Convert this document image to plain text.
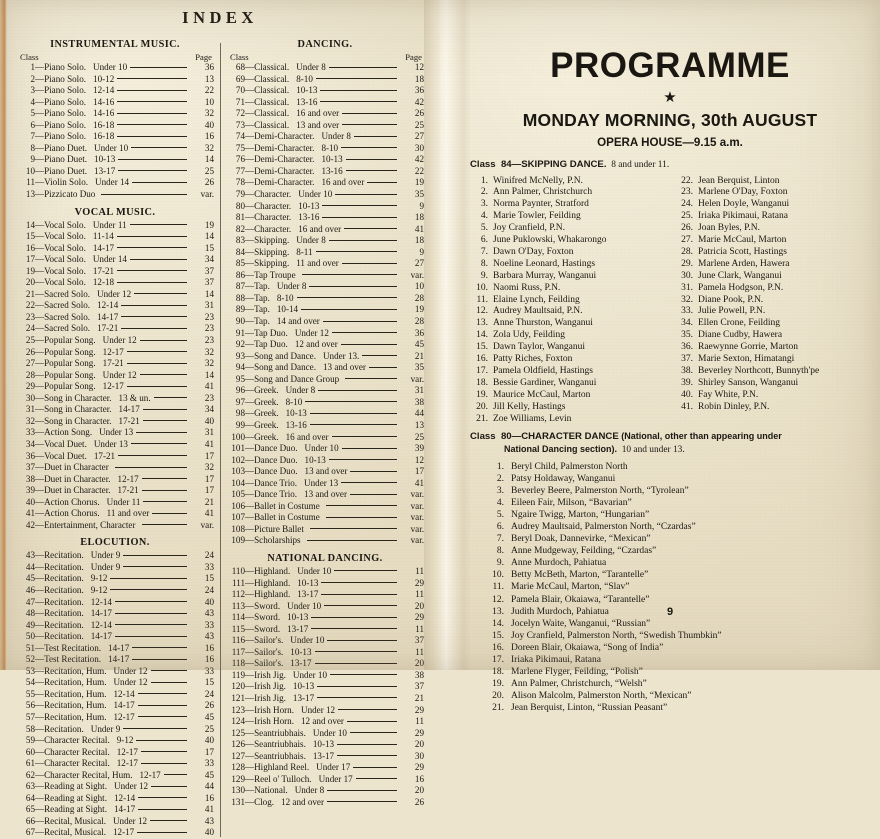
INDEX
INSTRUMENTAL MUSIC.
Class	Page
1 — Piano Solo. Under 10	36
2 — Piano Solo. 10-12	13
3 — Piano Solo. 12-14	22
4 — Piano Solo. 14-16	10
5 — Piano Solo. 14-16	32
6 — Piano Solo. 16-18	40
7 — Piano Solo. 16-18	16
8 — Piano Duet. Under 10	32
9 — Piano Duet. 10-13	14
10 — Piano Duet. 13-17	25
11 — Violin Solo. Under 14	26
13 — Pizzicato Duo	var.
VOCAL MUSIC.
14 — Vocal Solo. Under 11	19
15 — Vocal Solo. 11-14	14
16 — Vocal Solo. 14-17	15
17 — Vocal Solo. Under 14	34
19 — Vocal Solo. 17-21	37
20 — Vocal Solo. 12-18	37
21 — Sacred Solo. Under 12	14
22 — Sacred Solo. 12-14	31
23 — Sacred Solo. 14-17	23
24 — Sacred Solo. 17-21	23
25 — Popular Song. Under 12	23
26 — Popular Song. 12-17	32
27 — Popular Song. 17-21	32
28 — Popular Song. Under 12	14
29 — Popular Song. 12-17	41
30 — Song in Character. 13 & un.	23
31 — Song in Character. 14-17	34
32 — Song in Character. 17-21	40
33 — Action Song. Under 13	31
34 — Vocal Duet. Under 13	41
36 — Vocal Duet. 17-21	17
37 — Duet in Character	32
38 — Duet in Character. 12-17	17
39 — Duet in Character. 17-21	17
40 — Action Chorus. Under 11	21
41 — Action Chorus. 11 and over	41
42 — Entertainment, Character	var.
ELOCUTION.
43 — Recitation. Under 9	24
44 — Recitation. Under 9	33
45 — Recitation. 9-12	15
46 — Recitation. 9-12	24
47 — Recitation. 12-14	40
48 — Recitation. 14-17	43
49 — Recitation. 12-14	33
50 — Recitation. 14-17	43
51 — Test Recitation. 14-17	16
52 — Test Recitation. 14-17	16
53 — Recitation, Hum. Under 12	33
54 — Recitation, Hum. Under 12	15
55 — Recitation, Hum. 12-14	24
56 — Recitation, Hum. 14-17	26
57 — Recitation, Hum. 12-17	45
58 — Recitation. Under 9	25
59 — Character Recital. 9-12	40
60 — Character Recital. 12-17	17
61 — Character Recital. 12-17	33
62 — Character Recital, Hum. 12-17	45
63 — Reading at Sight. Under 12	44
64 — Reading at Sight. 12-14	16
65 — Reading at Sight. 14-17	41
66 — Recital, Musical. Under 12	43
67 — Recital, Musical. 12-17	40
DANCING.
Class	Page
68 — Classical. Under 8	12
69 — Classical. 8-10	18
70 — Classical. 10-13	36
71 — Classical. 13-16	42
72 — Classical. 16 and over	26
73 — Classical. 13 and over	25
74 — Demi-Character. Under 8	27
75 — Demi-Character. 8-10	30
76 — Demi-Character. 10-13	42
77 — Demi-Character. 13-16	22
78 — Demi-Character. 16 and over	19
79 — Character. Under 10	35
80 — Character. 10-13	9
81 — Character. 13-16	18
82 — Character. 16 and over	41
83 — Skipping. Under 8	18
84 — Skipping. 8-11	9
85 — Skipping. 11 and over	27
86 — Tap Troupe	var.
87 — Tap. Under 8	10
88 — Tap. 8-10	28
89 — Tap. 10-14	19
90 — Tap. 14 and over	28
91 — Tap Duo. Under 12	36
92 — Tap Duo. 12 and over	45
93 — Song and Dance. Under 13.	21
94 — Song and Dance. 13 and over	35
95 — Song and Dance Group	var.
96 — Greek. Under 8	31
97 — Greek. 8-10	38
98 — Greek. 10-13	44
99 — Greek. 13-16	13
100 — Greek. 16 and over	25
101 — Dance Duo. Under 10	39
102 — Dance Duo. 10-13	12
103 — Dance Duo. 13 and over	17
104 — Dance Trio. Under 13	41
105 — Dance Trio. 13 and over	var.
106 — Ballet in Costume	var.
107 — Ballet in Costume	var.
108 — Picture Ballet	var.
109 — Scholarships	var.
NATIONAL DANCING.
110 — Highland. Under 10	11
111 — Highland. 10-13	29
112 — Highland. 13-17	11
113 — Sword. Under 10	20
114 — Sword. 10-13	29
115 — Sword. 13-17	11
116 — Sailor's. Under 10	37
117 — Sailor's. 10-13	11
118 — Sailor's. 13-17	20
119 — Irish Jig. Under 10	38
120 — Irish Jig. 10-13	37
121 — Irish Jig. 13-17	21
123 — Irish Horn. Under 12	29
124 — Irish Horn. 12 and over	11
125 — Seantriubhais. Under 10	29
126 — Seantriubhais. 10-13	20
127 — Seantriubhais. 13-17	30
128 — Highland Reel. Under 17	29
129 — Reel o' Tulloch. Under 17	16
130 — National. Under 8	20
131 — Clog. 12 and over	26
PROGRAMME
★
MONDAY MORNING, 30th AUGUST
OPERA HOUSE—9.15 a.m.
Class  84—SKIPPING DANCE.  8 and under 11.
1. Winifred McNelly, P.N.
2. Ann Palmer, Christchurch
3. Norma Paynter, Stratford
4. Marie Towler, Feilding
5. Joy Cranfield, P.N.
6. June Puklowski, Whakarongo
7. Dawn O'Day, Foxton
8. Noeline Leonard, Hastings
9. Barbara Murray, Wanganui
10. Naomi Russ, P.N.
11. Elaine Lynch, Feilding
12. Audrey Maultsaid, P.N.
13. Anne Thurston, Wanganui
14. Zola Udy, Feilding
15. Dawn Taylor, Wanganui
16. Patty Riches, Foxton
17. Pamela Oldfield, Hastings
18. Bessie Gardiner, Wanganui
19. Maurice McCaul, Marton
20. Jill Kelly, Hastings
21. Zoe Williams, Levin
22. Jean Berquist, Linton
23. Marlene O'Day, Foxton
24. Helen Doyle, Wanganui
25. Iriaka Pikimaui, Ratana
26. Joan Byles, P.N.
27. Marie McCaul, Marton
28. Patricia Scott, Hastings
29. Marlene Arden, Hawera
30. June Clark, Wanganui
31. Pamela Hodgson, P.N.
32. Diane Pook, P.N.
33. Julie Powell, P.N.
34. Ellen Crone, Feilding
35. Diane Cudby, Hawera
36. Raewynne Gorrie, Marton
37. Marie Sexton, Himatangi
38. Beverley Northcott, Bunnyth'pe
39. Shirley Sanson, Wanganui
40. Fay White, P.N.
41. Robin Dinley, P.N.
Class  80—CHARACTER DANCE (National, other than appearing under
National Dancing section).  10 and under 13.
1. Beryl Child, Palmerston North
2. Patsy Holdaway, Wanganui
3. Beverley Beere, Palmerston North, “Tyrolean”
4. Eileen Fair, Milson, “Bavarian”
5. Ngaire Twigg, Marton, “Hungarian”
6. Audrey Maultsaid, Palmerston North, “Czardas”
7. Beryl Doak, Dannevirke, “Mexican”
8. Anne Mudgeway, Feilding, “Czardas”
9. Anne Murdoch, Pahiatua
10. Betty McBeth, Marton, “Tarantelle”
11. Marie McCaul, Marton, “Slav”
12. Pamela Blair, Okaiawa, “Tarantelle”
13. Judith Murdoch, Pahiatua
14. Jocelyn Waite, Wanganui, “Russian”
15. Joy Cranfield, Palmerston North, “Swedish Thumbkin”
16. Doreen Blair, Okaiawa, “Song of India”
17. Iriaka Pikimaui, Ratana
18. Marlene Flyger, Feilding, “Polish”
19. Ann Palmer, Christchurch, “Welsh”
20. Alison Malcolm, Palmerston North, “Mexican”
21. Jean Berquist, Linton, “Russian Peasant”
9
